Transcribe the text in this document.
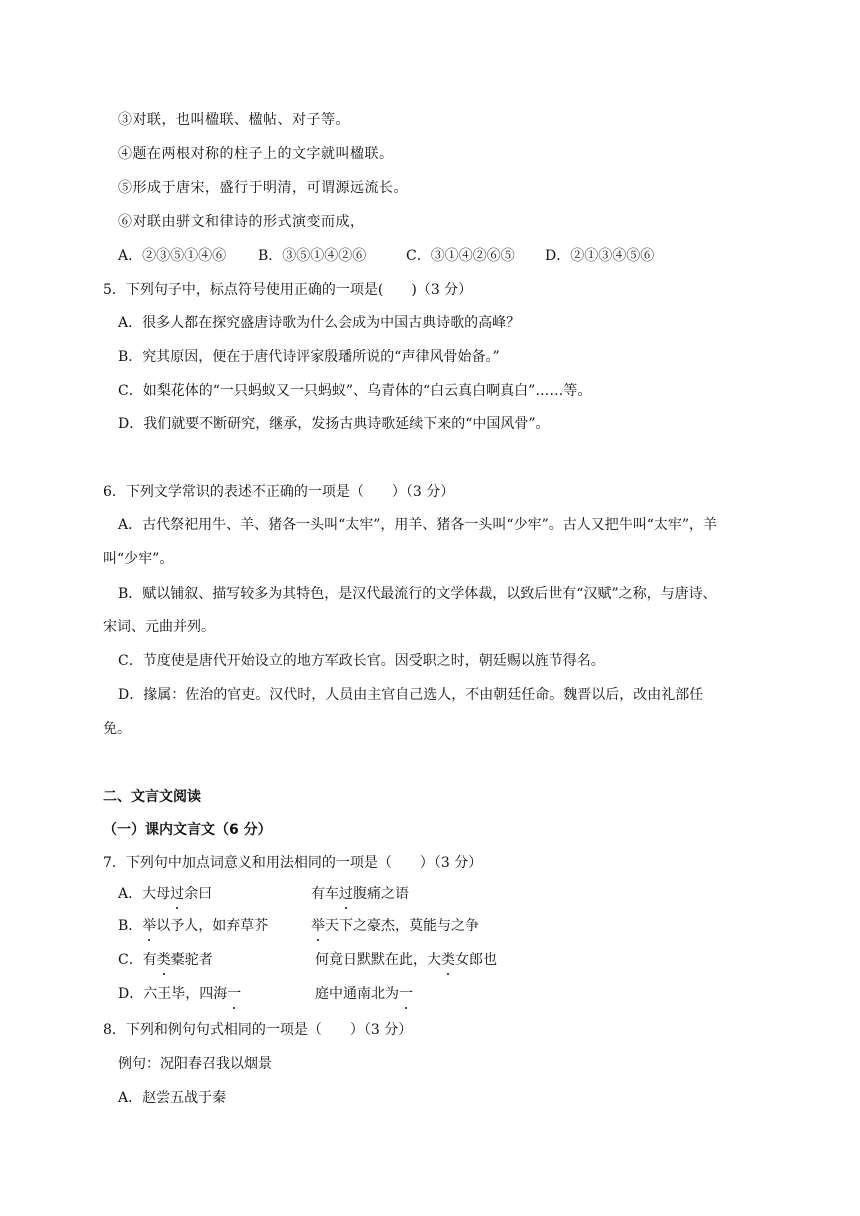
③对联，也叫楹联、楹帖、对子等。
④题在两根对称的柱子上的文字就叫楹联。
⑤形成于唐宋，盛行于明清，可谓源远流长。
⑥对联由骈文和律诗的形式演变而成，
A．②③⑤①④⑥ B．③⑤①④②⑥	C．③①④②⑥⑤ D．②①③④⑤⑥
5．下列句子中，标点符号使用正确的一项是(　　)（3 分）
A．很多人都在探究盛唐诗歌为什么会成为中国古典诗歌的高峰？
B．究其原因，便在于唐代诗评家殷璠所说的“声律风骨始备。”
C．如梨花体的“一只蚂蚁又一只蚂蚁”、乌青体的“白云真白啊真白”……等。
D．我们就要不断研究，继承，发扬古典诗歌延续下来的“中国风骨”。
6．下列文学常识的表述不正确的一项是（　　）（3 分）
A．古代祭祀用牛、羊、猪各一头叫“太牢”，用羊、猪各一头叫“少牢”。古人又把牛叫“太牢”，羊
叫“少牢”。
B．赋以铺叙、描写较多为其特色，是汉代最流行的文学体裁，以致后世有“汉赋”之称，与唐诗、
宋词、元曲并列。
C．节度使是唐代开始设立的地方军政长官。因受职之时，朝廷赐以旌节得名。
D．掾属：佐治的官吏。汉代时，人员由主官自己选人，不由朝廷任命。魏晋以后，改由礼部任
免。
二、文言文阅读
（一）课内文言文（6 分）
7．下列句中加点词意义和用法相同的一项是（　　）（3 分）
A．大母过余曰	有车过腹痛之语
B．举以予人，如弃草芥	举天下之豪杰，莫能与之争
C．有类橐驼者	何竟日默默在此，大类女郎也
D．六王毕，四海一	庭中通南北为一
8．下列和例句句式相同的一项是（　　）（3 分）
例句：况阳春召我以烟景
A．赵尝五战于秦
